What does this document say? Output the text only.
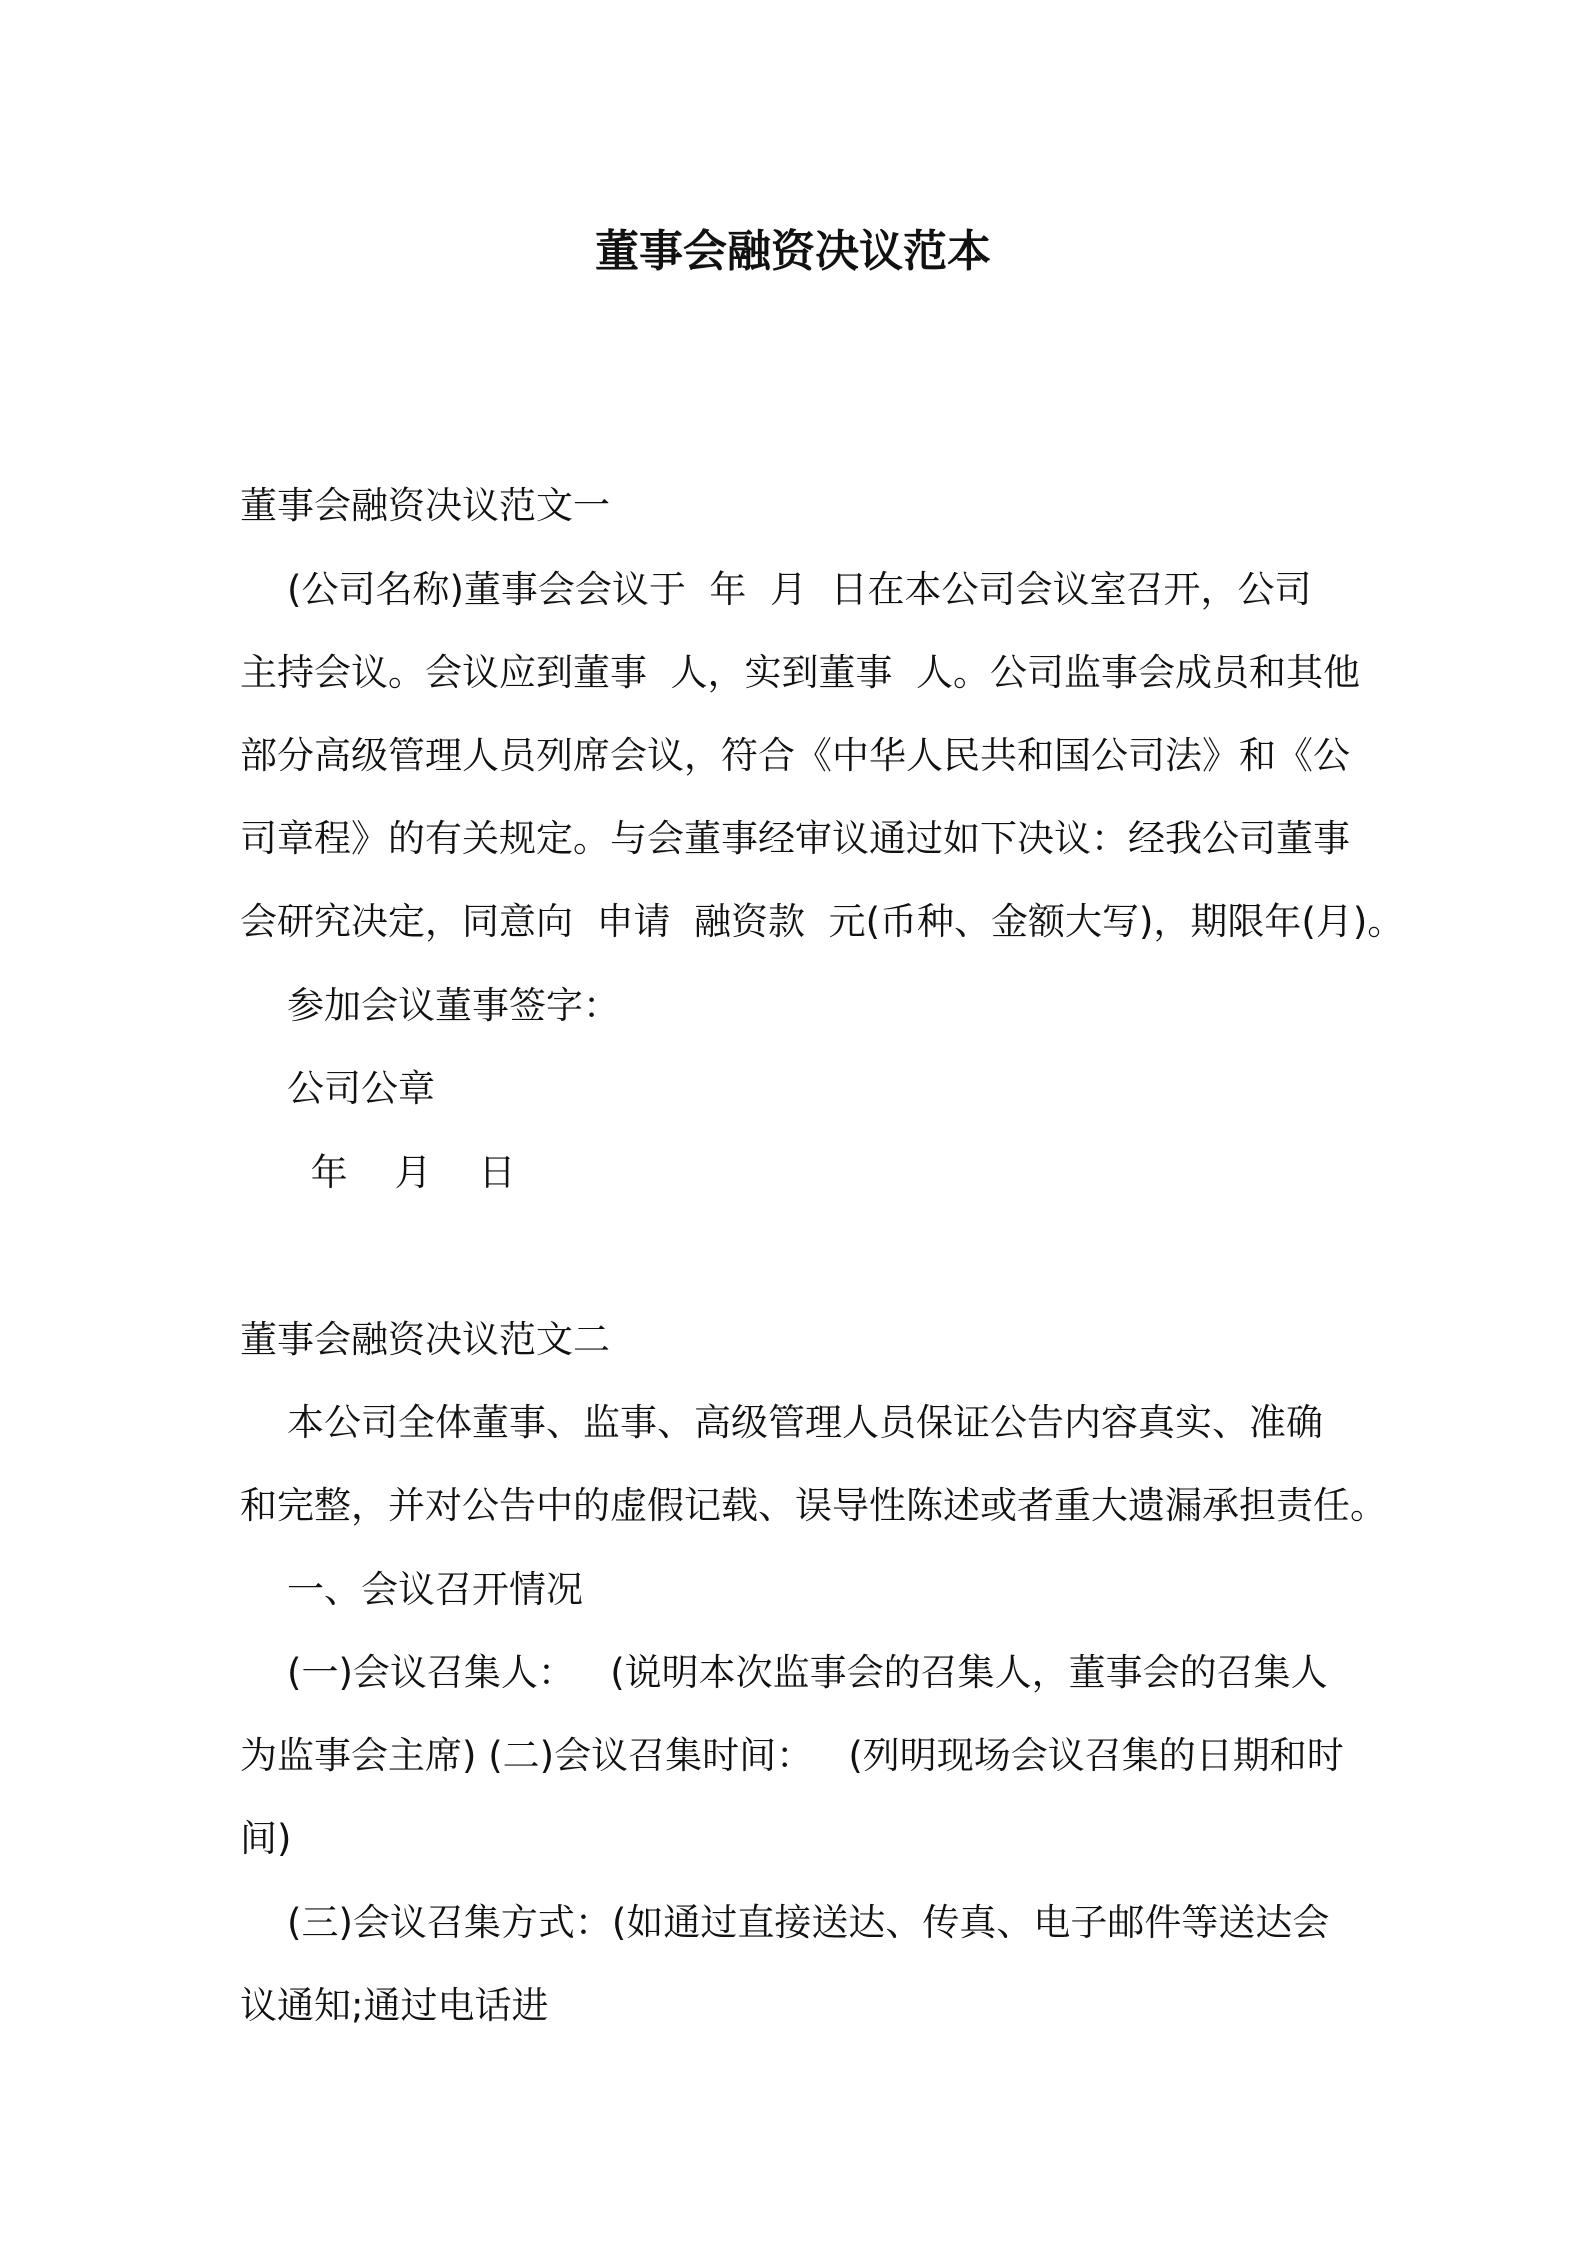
董事会融资决议范本

董事会融资决议范文一

(公司名称)董事会会议于  年  月  日在本公司会议室召开，公司

主持会议。会议应到董事  人，实到董事  人。公司监事会成员和其他

部分高级管理人员列席会议，符合《中华人民共和国公司法》和《公

司章程》的有关规定。与会董事经审议通过如下决议：经我公司董事

会研究决定，同意向  申请  融资款  元(币种、金额大写)，期限年(月)。

参加会议董事签字：

公司公章

年    月    日

董事会融资决议范文二

本公司全体董事、监事、高级管理人员保证公告内容真实、准确

和完整，并对公告中的虚假记载、误导性陈述或者重大遗漏承担责任。

一、会议召开情况

(一)会议召集人：   (说明本次监事会的召集人，董事会的召集人

为监事会主席) (二)会议召集时间：   (列明现场会议召集的日期和时

间)

(三)会议召集方式：(如通过直接送达、传真、电子邮件等送达会

议通知;通过电话进
